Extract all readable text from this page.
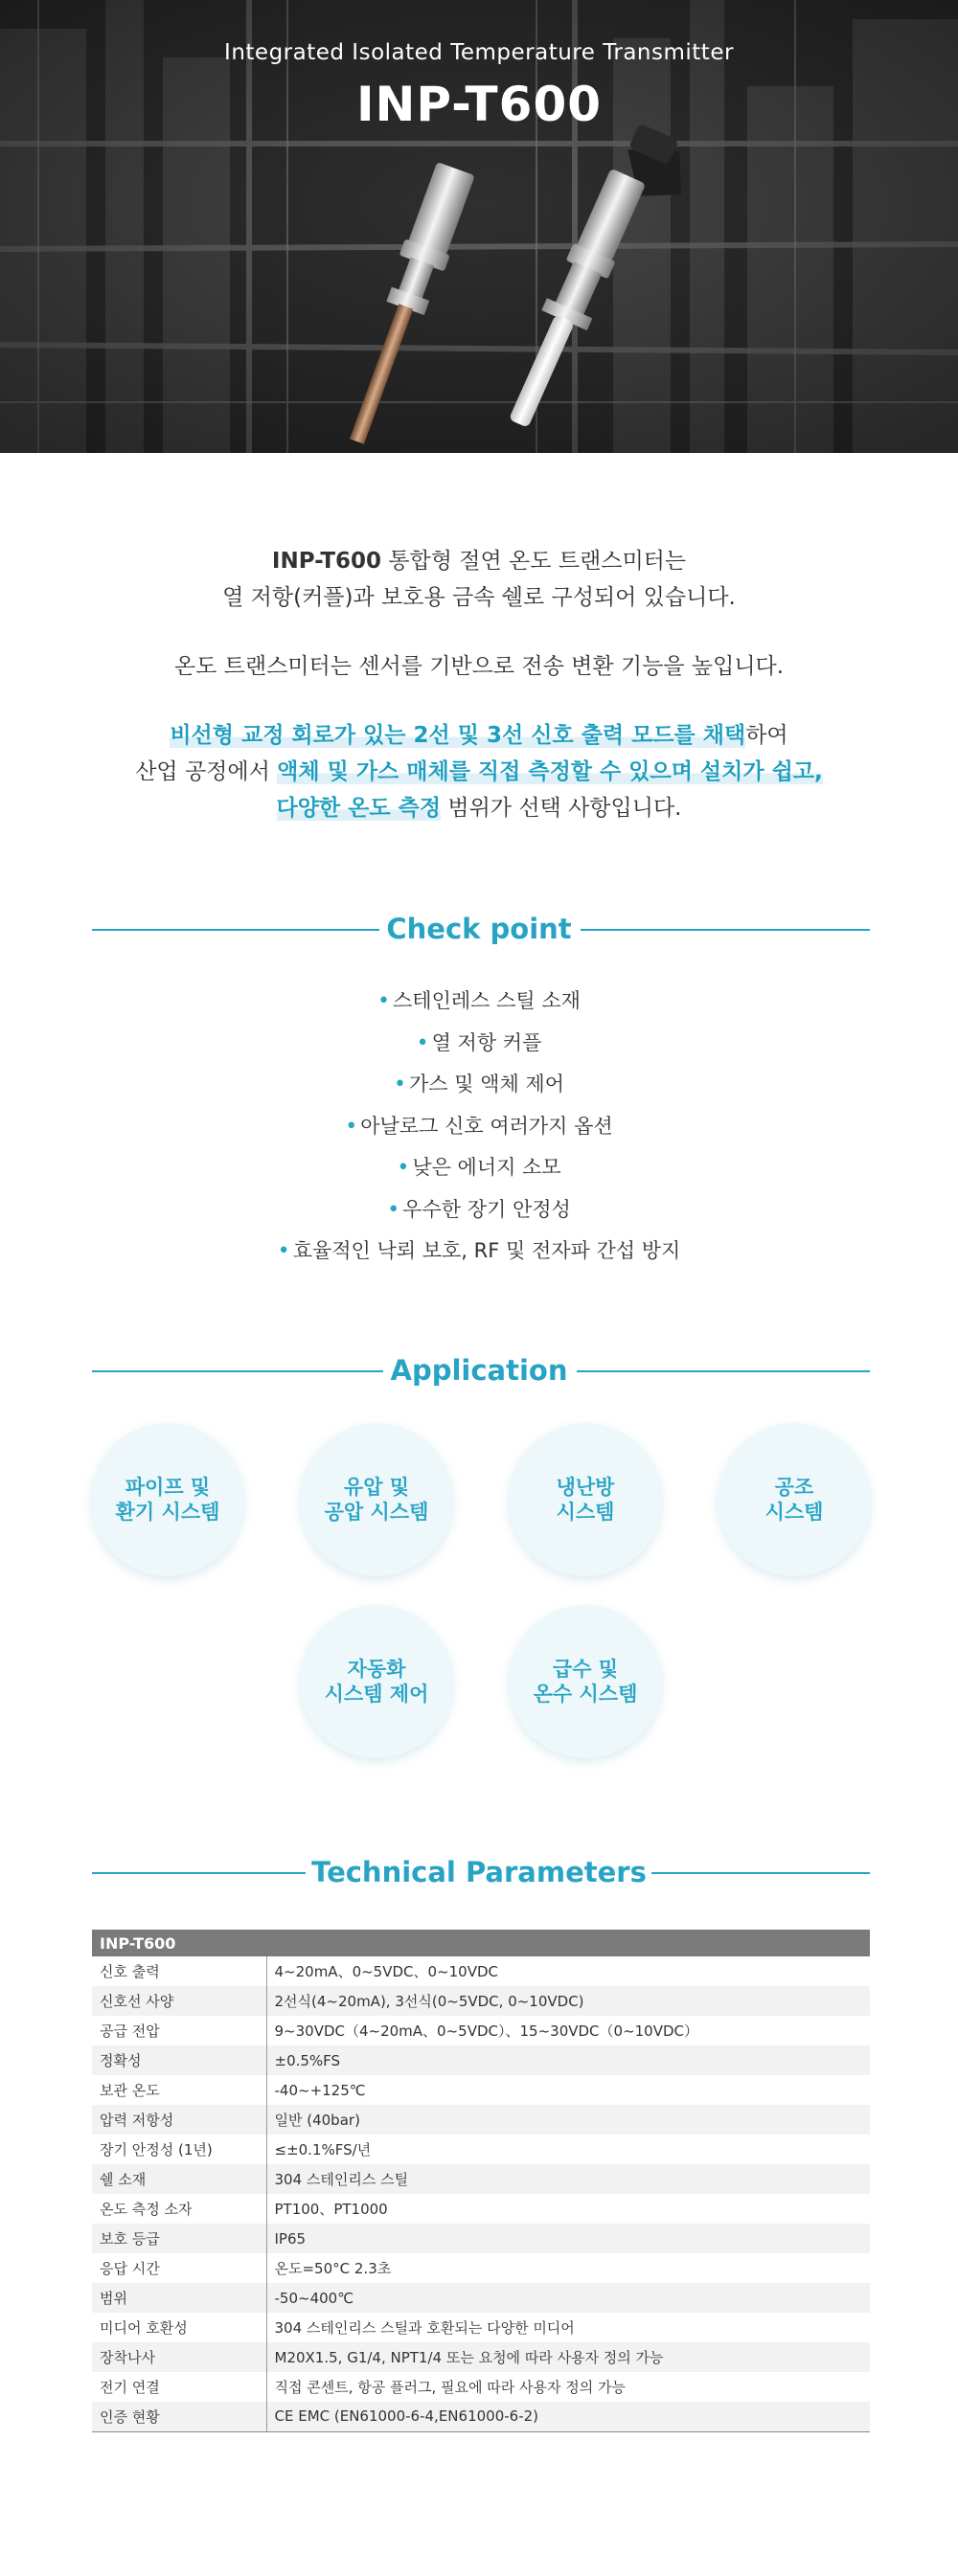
Integrated Isolated Temperature Transmitter
INP-T600

INP-T600 통합형 절연 온도 트랜스미터는

열 저항(커플)과 보호용 금속 쉘로 구성되어 있습니다.

온도 트랜스미터는 센서를 기반으로 전송 변환 기능을 높입니다.

비선형 교정 회로가 있는 2선 및 3선 신호 출력 모드를 채택하여

산업 공정에서 액체 및 가스 매체를 직접 측정할 수 있으며 설치가 쉽고,

다양한 온도 측정 범위가 선택 사항입니다.

Check point
• 스테인레스 스틸 소재
• 열 저항 커플
• 가스 및 액체 제어
• 아날로그 신호 여러가지 옵션
• 낮은 에너지 소모
• 우수한 장기 안정성
• 효율적인 낙뢰 보호, RF 및 전자파 간섭 방지
Application
파이프 및
환기 시스템
유압 및
공압 시스템
냉난방
시스템
공조
시스템
자동화
시스템 제어
급수 및
온수 시스템
Technical Parameters
INP-T600	
신호 출력	4~20mA、0~5VDC、0~10VDC
신호선 사양	2선식(4~20mA), 3선식(0~5VDC, 0~10VDC)
공급 전압	9~30VDC（4~20mA、0~5VDC）、15~30VDC（0~10VDC）
정확성	±0.5%FS
보관 온도	-40~+125℃
압력 저항성	일반 (40bar)
장기 안정성 (1년)	≤±0.1%FS/년
쉘 소재	304 스테인리스 스틸
온도 측정 소자	PT100、PT1000
보호 등급	IP65
응답 시간	온도=50°C 2.3초
범위	-50~400℃
미디어 호환성	304 스테인리스 스틸과 호환되는 다양한 미디어
장착나사	M20X1.5, G1/4, NPT1/4 또는 요청에 따라 사용자 정의 가능
전기 연결	직접 콘센트, 항공 플러그, 필요에 따라 사용자 정의 가능
인증 현황	CE EMC (EN61000-6-4,EN61000-6-2)
